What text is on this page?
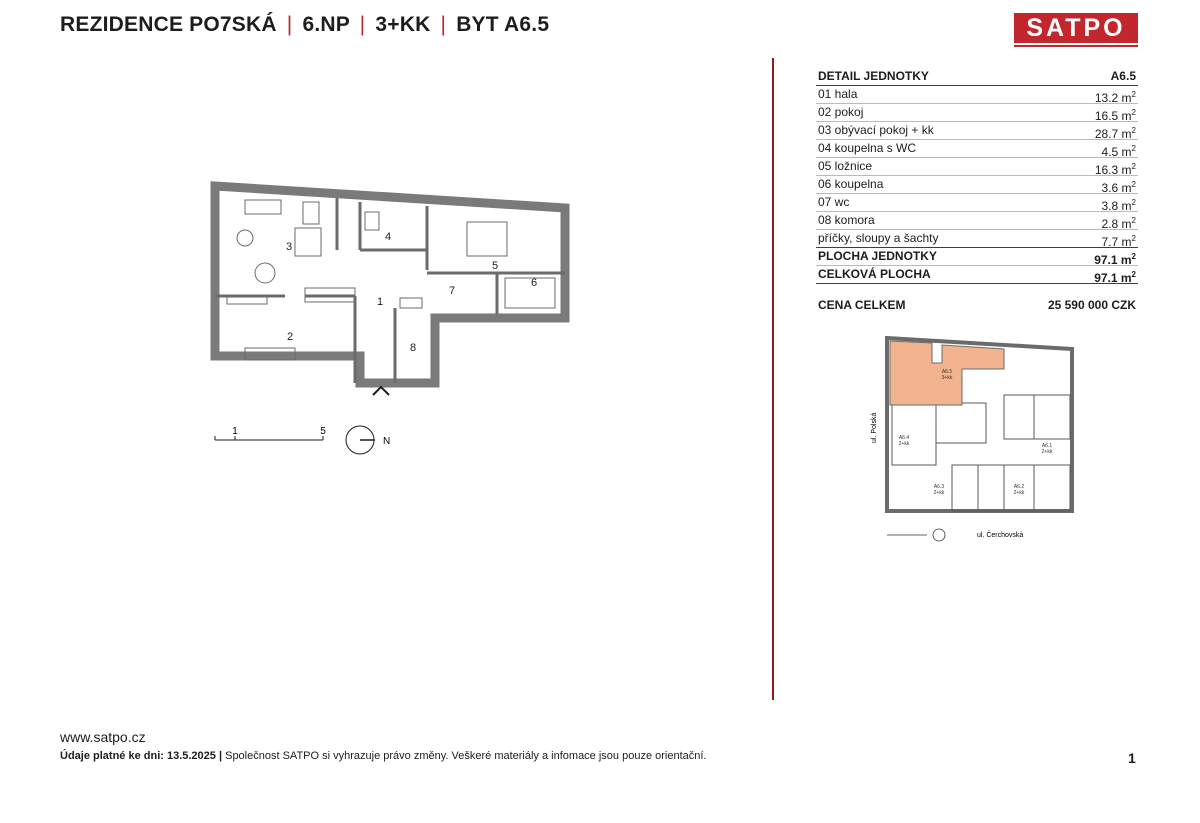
REZIDENCE PO7SKÁ | 6.NP | 3+KK | BYT A6.5	SATPO
1
2
3
4
5
6
7
8
1	5
N
DETAIL JEDNOTKY	A6.5
01 hala	13.2 $m^2$
02 pokoj	16.5 $m^2$
03 obývací pokoj + kk	28.7 $m^2$
04 koupelna s WC	4.5 $m^2$
05 ložnice	16.3 $m^2$
06 koupelna	3.6 $m^2$
07 wc	3.8 $m^2$
08 komora	2.8 $m^2$
příčky, sloupy a šachty	7.7 $m^2$
PLOCHA JEDNOTKY	97.1 $m^2$
CELKOVÁ PLOCHA	97.1 $m^2$
CENA CELKEM	25 590 000 CZK
A6.5
3+kk
A6.4
2+kk	A6.1
2+kk
A6.3
2+kk
A6.2
2+kk
ul. Polská
ul. Čerchovská
www.satpo.cz
Údaje platné ke dni: 13.5.2025 | Společnost SATPO si vyhrazuje právo změny. Veškeré materiály a infomace jsou pouze orientační.	1
